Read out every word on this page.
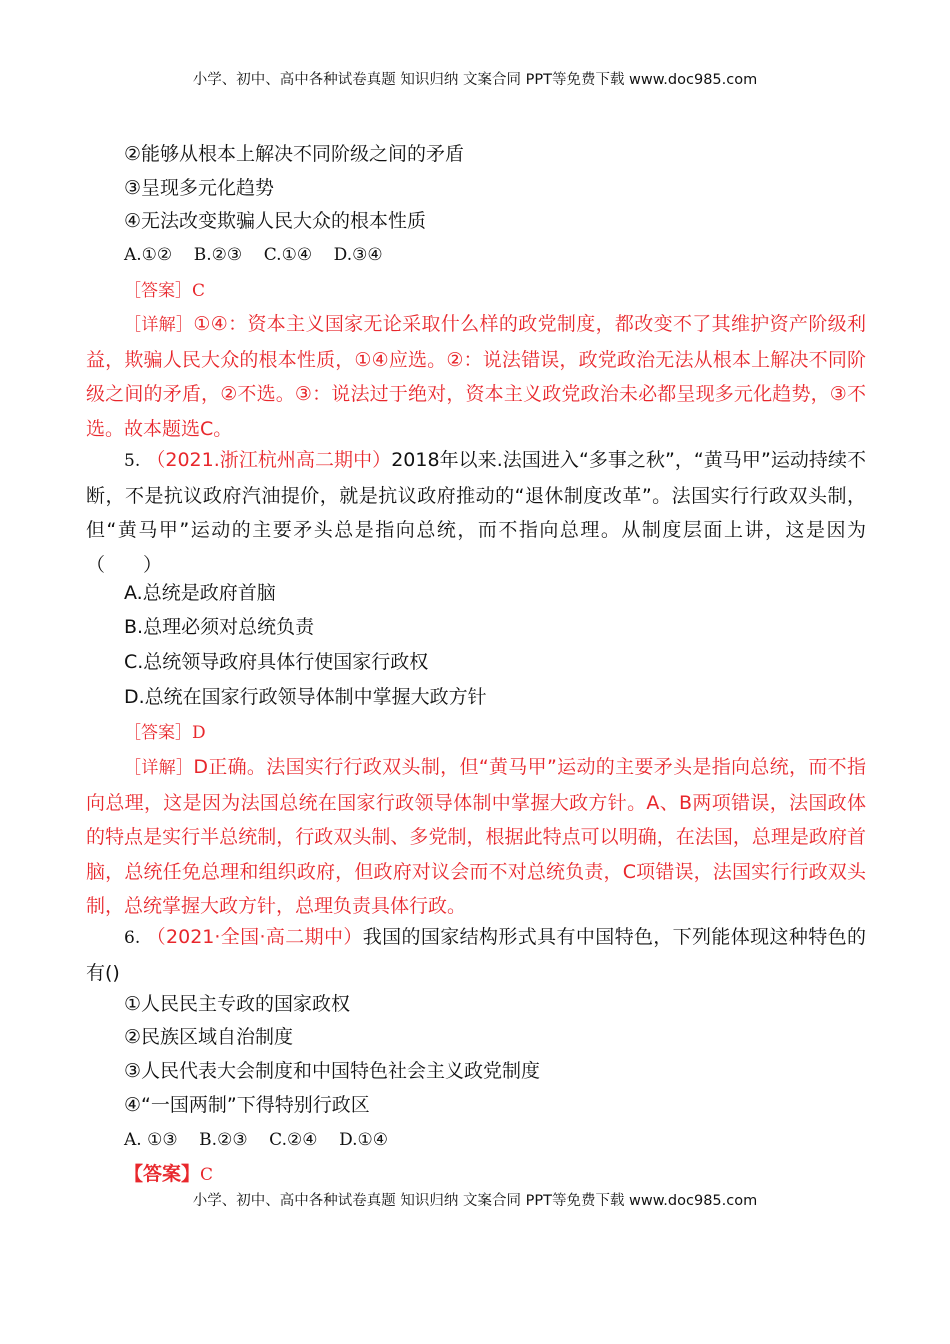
小学、初中、高中各种试卷真题 知识归纳 文案合同 PPT等免费下载 www.doc985.com
②能够从根本上解决不同阶级之间的矛盾
③呈现多元化趋势
④无法改变欺骗人民大众的根本性质
A.①②    B.②③    C.①④    D.③④
［答案］C
［详解］①④：资本主义国家无论采取什么样的政党制度，都改变不了其维护资产阶级利益，欺骗人民大众的根本性质，①④应选。②：说法错误，政党政治无法从根本上解决不同阶级之间的矛盾，②不选。③：说法过于绝对，资本主义政党政治未必都呈现多元化趋势，③不选。故本题选C。
5. （2021.浙江杭州高二期中）2018年以来.法国进入“多事之秋”，“黄马甲”运动持续不断，不是抗议政府汽油提价，就是抗议政府推动的“退休制度改革”。法国实行行政双头制，但“黄马甲”运动的主要矛头总是指向总统，而不指向总理。从制度层面上讲，这是因为（　　）
A.总统是政府首脑
B.总理必须对总统负责
C.总统领导政府具体行使国家行政权
D.总统在国家行政领导体制中掌握大政方针
［答案］D
［详解］D正确。法国实行行政双头制，但“黄马甲”运动的主要矛头是指向总统，而不指向总理，这是因为法国总统在国家行政领导体制中掌握大政方针。A、B两项错误，法国政体的特点是实行半总统制，行政双头制、多党制，根据此特点可以明确，在法国，总理是政府首脑，总统任免总理和组织政府，但政府对议会而不对总统负责，C项错误，法国实行行政双头制，总统掌握大政方针，总理负责具体行政。
6. （2021·全国·高二期中）我国的国家结构形式具有中国特色，下列能体现这种特色的有()
①人民民主专政的国家政权
②民族区域自治制度
③人民代表大会制度和中国特色社会主义政党制度
④“一国两制”下得特别行政区
A. ①③    B.②③    C.②④    D.①④
【答案】C
小学、初中、高中各种试卷真题 知识归纳 文案合同 PPT等免费下载 www.doc985.com
